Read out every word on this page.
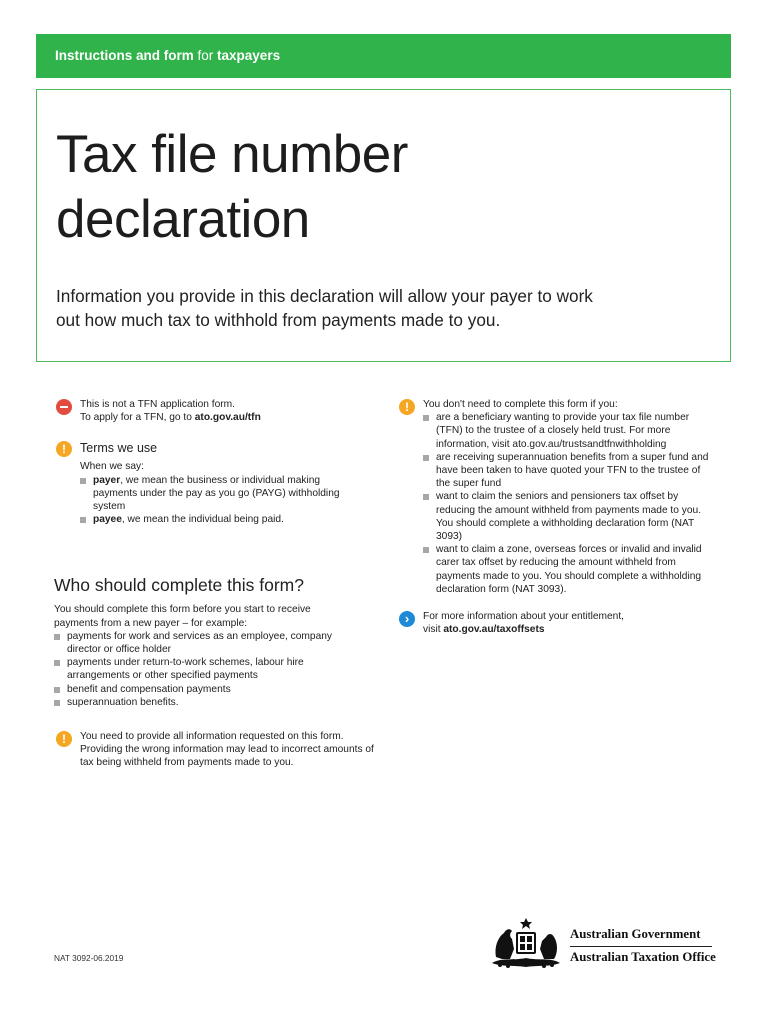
Instructions and form for taxpayers
Tax file number
declaration
Information you provide in this declaration will allow your payer to work out how much tax to withhold from payments made to you.
This is not a TFN application form.
To apply for a TFN, go to ato.gov.au/tfn
!	Terms we use
When we say:
payer, we mean the business or individual making payments under the pay as you go (PAYG) withholding system
payee, we mean the individual being paid.
Who should complete this form?
You should complete this form before you start to receive payments from a new payer – for example:
payments for work and services as an employee, company director or office holder
payments under return-to-work schemes, labour hire arrangements or other specified payments
benefit and compensation payments
superannuation benefits.
!	You need to provide all information requested on this form. Providing the wrong information may lead to incorrect amounts of tax being withheld from payments made to you.
!	You don't need to complete this form if you:
are a beneficiary wanting to provide your tax file number (TFN) to the trustee of a closely held trust. For more information, visit ato.gov.au/trustsandtfnwithholding
are receiving superannuation benefits from a super fund and have been taken to have quoted your TFN to the trustee of the super fund
want to claim the seniors and pensioners tax offset by reducing the amount withheld from payments made to you. You should complete a withholding declaration form (NAT 3093)
want to claim a zone, overseas forces or invalid and invalid carer tax offset by reducing the amount withheld from payments made to you. You should complete a withholding declaration form (NAT 3093).
›	For more information about your entitlement,
visit ato.gov.au/taxoffsets
NAT 3092-06.2019
Australian Government
Australian Taxation Office
